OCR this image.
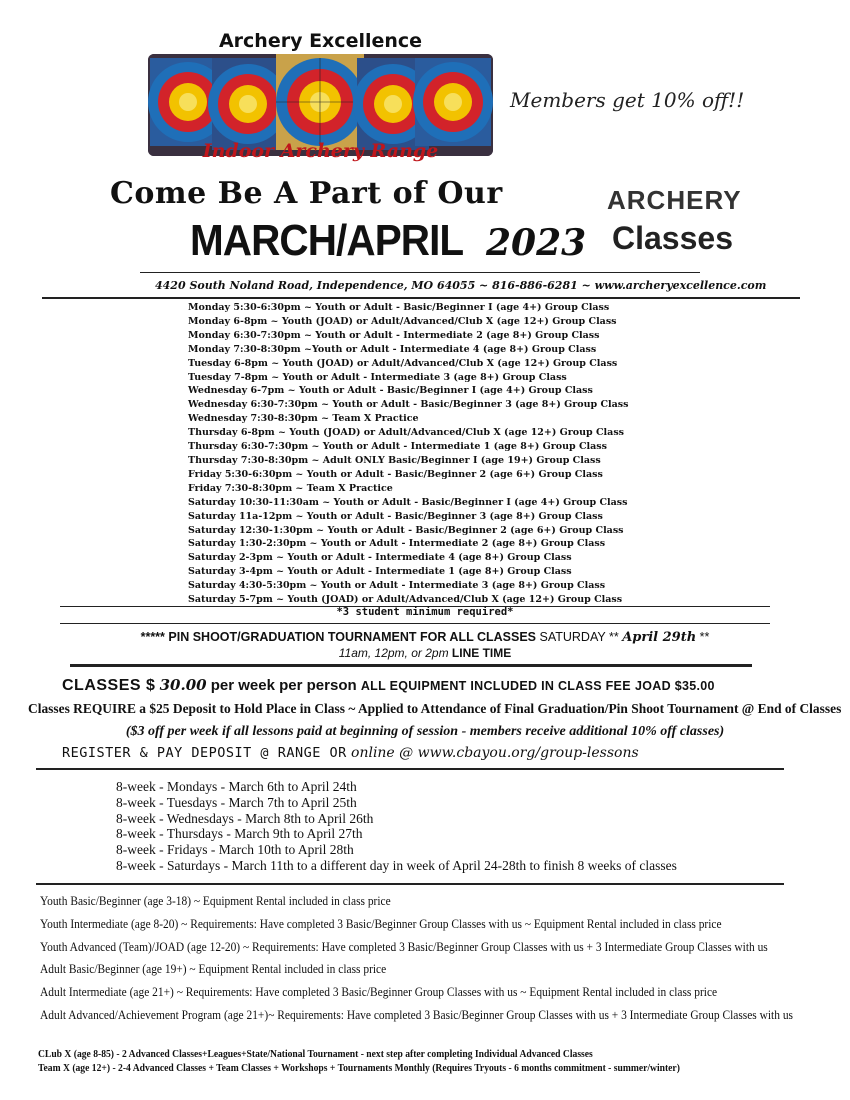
Archery Excellence
Indoor Archery Range
Members get 10% off!!
Come Be A Part of Our
MARCH/APRIL 2023
ARCHERY
Classes
4420 South Noland Road, Independence, MO 64055 ~ 816-886-6281 ~ www.archeryexcellence.com
Monday 5:30-6:30pm ~ Youth or Adult - Basic/Beginner I (age 4+) Group Class
Monday 6-8pm ~ Youth (JOAD) or Adult/Advanced/Club X (age 12+) Group Class
Monday 6:30-7:30pm ~ Youth or Adult - Intermediate 2 (age 8+) Group Class
Monday 7:30-8:30pm ~Youth or Adult - Intermediate 4 (age 8+) Group Class
Tuesday 6-8pm ~ Youth (JOAD) or Adult/Advanced/Club X (age 12+) Group Class
Tuesday 7-8pm ~ Youth or Adult - Intermediate 3 (age 8+) Group Class
Wednesday 6-7pm ~ Youth or Adult - Basic/Beginner I (age 4+) Group Class
Wednesday 6:30-7:30pm ~ Youth or Adult - Basic/Beginner 3 (age 8+) Group Class
Wednesday 7:30-8:30pm ~ Team X Practice
Thursday 6-8pm ~ Youth (JOAD) or Adult/Advanced/Club X (age 12+) Group Class
Thursday 6:30-7:30pm ~ Youth or Adult - Intermediate 1 (age 8+) Group Class
Thursday 7:30-8:30pm ~ Adult ONLY Basic/Beginner I (age 19+) Group Class
Friday 5:30-6:30pm ~ Youth or Adult - Basic/Beginner 2 (age 6+) Group Class
Friday 7:30-8:30pm ~ Team X Practice
Saturday 10:30-11:30am ~ Youth or Adult - Basic/Beginner I (age 4+) Group Class
Saturday 11a-12pm ~ Youth or Adult - Basic/Beginner 3 (age 8+) Group Class
Saturday 12:30-1:30pm ~ Youth or Adult - Basic/Beginner 2 (age 6+) Group Class
Saturday 1:30-2:30pm ~ Youth or Adult - Intermediate 2 (age 8+) Group Class
Saturday 2-3pm ~ Youth or Adult - Intermediate 4 (age 8+) Group Class
Saturday 3-4pm ~ Youth or Adult - Intermediate 1 (age 8+) Group Class
Saturday 4:30-5:30pm ~ Youth or Adult - Intermediate 3 (age 8+) Group Class
Saturday 5-7pm ~ Youth (JOAD) or Adult/Advanced/Club X (age 12+) Group Class
*3 student minimum required*
***** PIN SHOOT/GRADUATION TOURNAMENT FOR ALL CLASSES SATURDAY ** April 29th **
11am, 12pm, or 2pm LINE TIME
CLASSES $ 30.00 per week per person ALL EQUIPMENT INCLUDED IN CLASS FEE JOAD $35.00
Classes REQUIRE a $25 Deposit to Hold Place in Class ~ Applied to Attendance of Final Graduation/Pin Shoot Tournament @ End of Classes
($3 off per week if all lessons paid at beginning of session - members receive additional 10% off classes)
REGISTER & PAY DEPOSIT @ RANGE OR online @ www.cbayou.org/group-lessons
8-week - Mondays - March 6th to April 24th
8-week - Tuesdays - March 7th to April 25th
8-week - Wednesdays - March 8th to April 26th
8-week - Thursdays - March 9th to April 27th
8-week - Fridays - March 10th to April 28th
8-week - Saturdays - March 11th to a different day in week of April 24-28th to finish 8 weeks of classes
Youth Basic/Beginner (age 3-18) ~ Equipment Rental included in class price
Youth Intermediate (age 8-20) ~ Requirements: Have completed 3 Basic/Beginner Group Classes with us ~ Equipment Rental included in class price
Youth Advanced (Team)/JOAD (age 12-20) ~ Requirements: Have completed 3 Basic/Beginner Group Classes with us + 3 Intermediate Group Classes with us
Adult Basic/Beginner (age 19+) ~ Equipment Rental included in class price
Adult Intermediate (age 21+) ~ Requirements: Have completed 3 Basic/Beginner Group Classes with us ~ Equipment Rental included in class price
Adult Advanced/Achievement Program (age 21+)~ Requirements: Have completed 3 Basic/Beginner Group Classes with us + 3 Intermediate Group Classes with us
CLub X (age 8-85) - 2 Advanced Classes+Leagues+State/National Tournament - next step after completing Individual Advanced Classes
Team X (age 12+) - 2-4 Advanced Classes + Team Classes + Workshops + Tournaments Monthly (Requires Tryouts - 6 months commitment - summer/winter)
